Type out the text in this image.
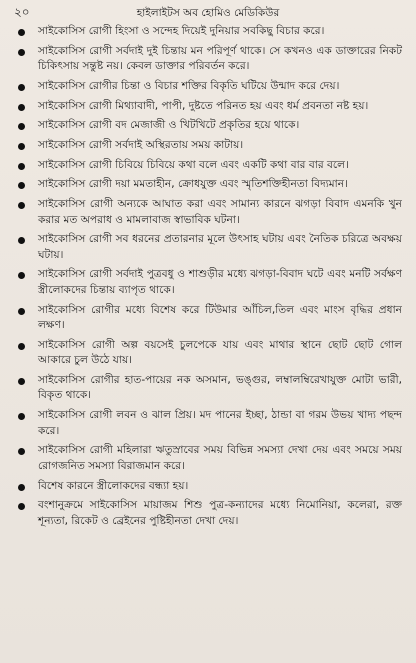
২০	হাইলাইটস অব হোমিও মেডিকিউর
সাইকোসিস রোগী হিংসা ও সন্দেহ দিয়েই দুনিয়ার সবকিছু বিচার করে।
সাইকোসিস রোগী সর্বদাই দুই চিন্তায় মন পরিপূর্ণ থাকে। সে কখনও এক ডাক্তারের নিকট চিকিৎসায় সন্তুষ্ট নয়। কেবল ডাক্তার পরিবর্তন করে।
সাইকোসিস রোগীর চিন্তা ও বিচার শক্তির বিকৃতি ঘটিয়ে উন্মাদ করে দেয়।
সাইকোসিস রোগী মিথ্যাবাদী, পাপী, দুষ্টতে পরিনত হয় এবং ধর্ম প্রবনতা নষ্ট হয়।
সাইকোসিস রোগী বদ মেজাজী ও খিটখিটে প্রকৃতির হয়ে থাকে।
সাইকোসিস রোগী সর্বদাই অস্থিরতায় সময় কাটায়।
সাইকোসিস রোগী চিবিয়ে চিবিয়ে কথা বলে এবং একটি কথা বার বার বলে।
সাইকোসিস রোগী দয়া মমতাহীন, ক্রোধযুক্ত এবং স্মৃতিশক্তিহীনতা বিদ্যমান।
সাইকোসিস রোগী অন্যকে আঘাত করা এবং সামান্য কারনে ঝগড়া বিবাদ এমনকি খুন করার মত অপরাধ ও মামলাবাজ স্বাভাবিক ঘটনা।
সাইকোসিস রোগী সব ধরনের প্রতারনার মূলে উৎসাহ ঘটায় এবং নৈতিক চরিত্রে অবক্ষয় ঘটায়।
সাইকোসিস রোগী সর্বদাই পুত্রবধু ও শাশুড়ীর মধ্যে ঝগড়া-বিবাদ ঘটে এবং মনটি সর্বক্ষণ স্ত্রীলোকদের চিন্তায় ব্যাপৃত থাকে।
সাইকোসিস রোগীর মধ্যে বিশেষ করে টিউমার আঁচিল,তিল এবং মাংস বৃদ্ধির প্রধান লক্ষণ।
সাইকোসিস রোগী অল্প বয়সেই চুলপেকে যায় এবং মাথার স্থানে ছোট ছোট গোল আকারে চুল উঠে যায়।
সাইকোসিস রোগীর হাত-পায়ের নক অসমান, ভঙ্গুর, লম্বালম্বিরেখাযুক্ত মোটা ভারী, বিকৃত থাকে।
সাইকোসিস রোগী লবন ও ঝাল প্রিয়। মদ পানের ইচ্ছা, ঠান্ডা বা গরম উভয় খাদ্য পছন্দ করে।
সাইকোসিস রোগী মহিলারা ঋতুস্রাবের সময় বিভিন্ন সমস্যা দেখা দেয় এবং সময়ে সময় রোগজনিত সমস্যা বিরাজমান করে।
বিশেষ কারনে স্ত্রীলোকদের বন্ধ্যা হয়।
বংশানুক্রমে সাইকোসিস মায়াজম শিশু পুত্র-কন্যাদের মধ্যে নিমোনিয়া, কলেরা, রক্ত শূন্যতা, রিকেট ও ব্রেইনের পুষ্টিহীনতা দেখা দেয়।
